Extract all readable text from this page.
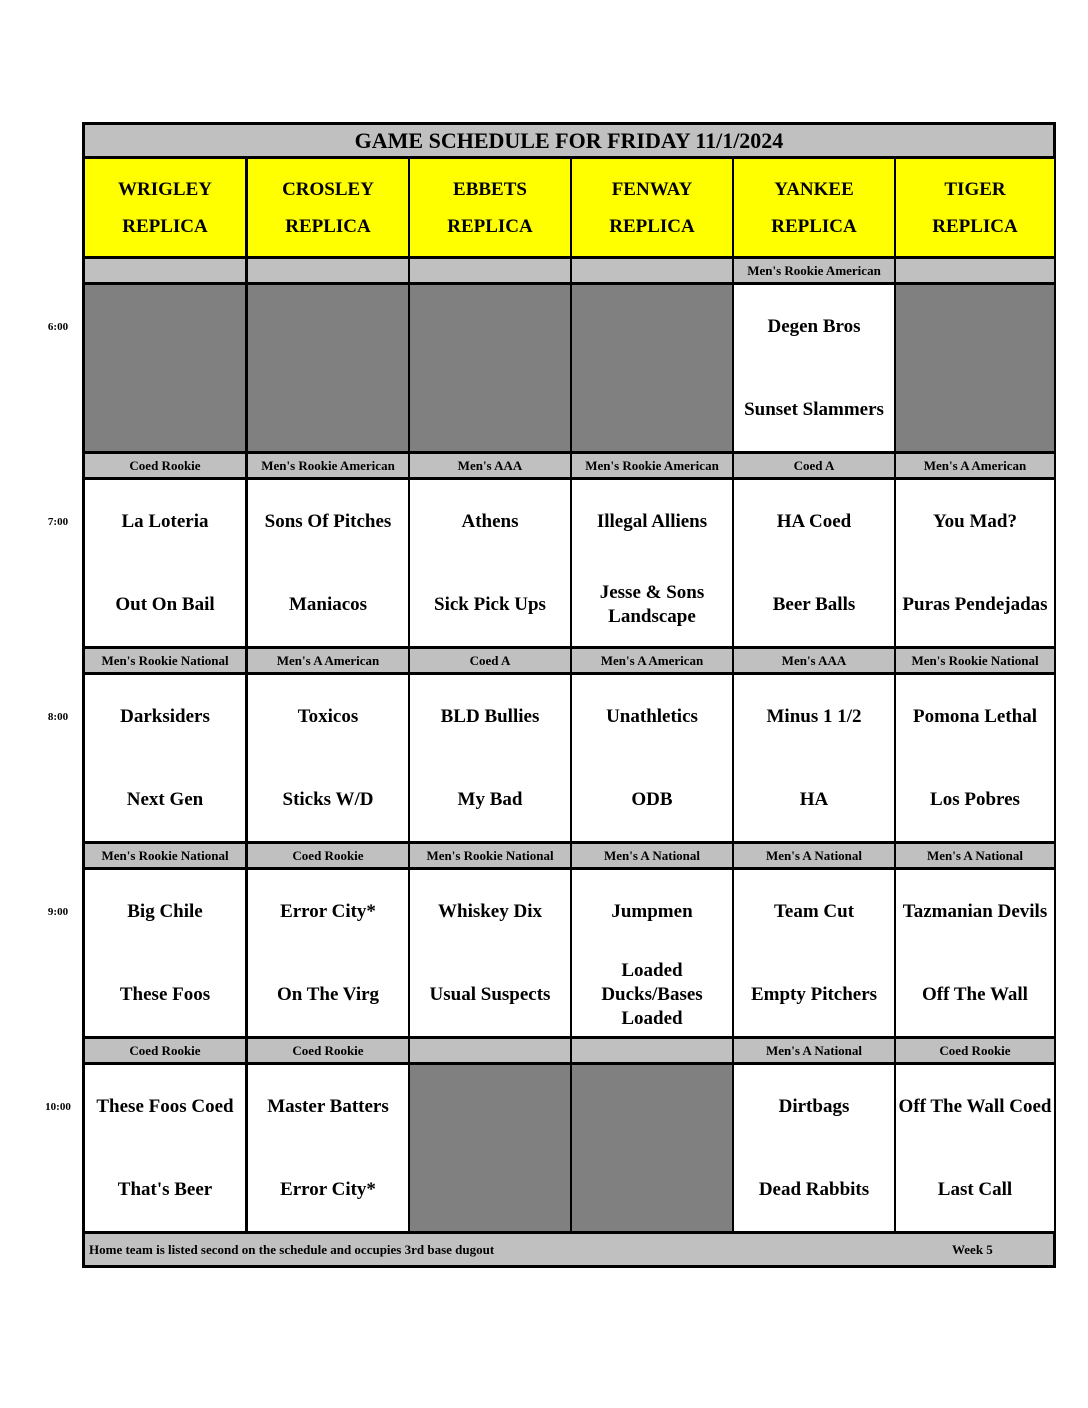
GAME SCHEDULE FOR FRIDAY 11/1/2024
WRIGLEY
REPLICA
CROSLEY
REPLICA
EBBETS
REPLICA
FENWAY
REPLICA
YANKEE
REPLICA
TIGER
REPLICA
Men's Rookie American
Degen Bros
Sunset Slammers
Coed Rookie
La Loteria
Out On Bail
Men's Rookie American
Sons Of Pitches
Maniacos
Men's AAA
Athens
Sick Pick Ups
Men's Rookie American
Illegal Alliens
Jesse & Sons Landscape
Coed A
HA Coed
Beer Balls
Men's A American
You Mad?
Puras Pendejadas
Men's Rookie National
Darksiders
Next Gen
Men's A American
Toxicos
Sticks W/D
Coed A
BLD Bullies
My Bad
Men's A American
Unathletics
ODB
Men's AAA
Minus 1 1/2
HA
Men's Rookie National
Pomona Lethal
Los Pobres
Men's Rookie National
Big Chile
These Foos
Coed Rookie
Error City*
On The Virg
Men's Rookie National
Whiskey Dix
Usual Suspects
Men's A National
Jumpmen
Loaded Ducks/Bases Loaded
Men's A National
Team Cut
Empty Pitchers
Men's A National
Tazmanian Devils
Off The Wall
Coed Rookie
These Foos Coed
That's Beer
Coed Rookie
Master Batters
Error City*
Men's A National
Dirtbags
Dead Rabbits
Coed Rookie
Off The Wall Coed
Last Call
Home team is listed second on the schedule and occupies 3rd base dugout	Week 5
6:00
7:00
8:00
9:00
10:00
